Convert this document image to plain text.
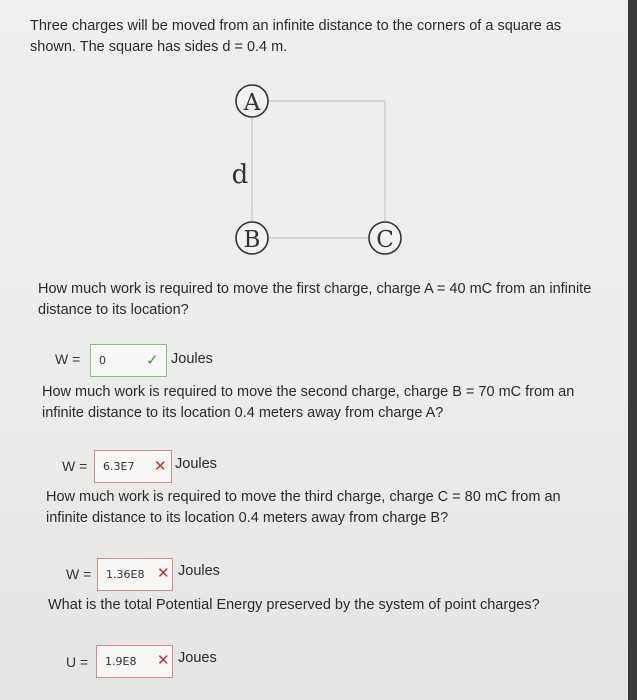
Three charges will be moved from an infinite distance to the corners of a square as shown. The square has sides d = 0.4 m.
A
B	C
d
How much work is required to move the first charge, charge A = 40 mC from an infinite distance to its location?
W = 0	✓ Joules
How much work is required to move the second charge, charge B = 70 mC from an infinite distance to its location 0.4 meters away from charge A?
W = 6.3E7 ✕ Joules
How much work is required to move the third charge, charge C = 80 mC from an infinite distance to its location 0.4 meters away from charge B?
W = 1.36E8 ✕ Joules
What is the total Potential Energy preserved by the system of point charges?
U = 1.9E8 ✕ Joues
